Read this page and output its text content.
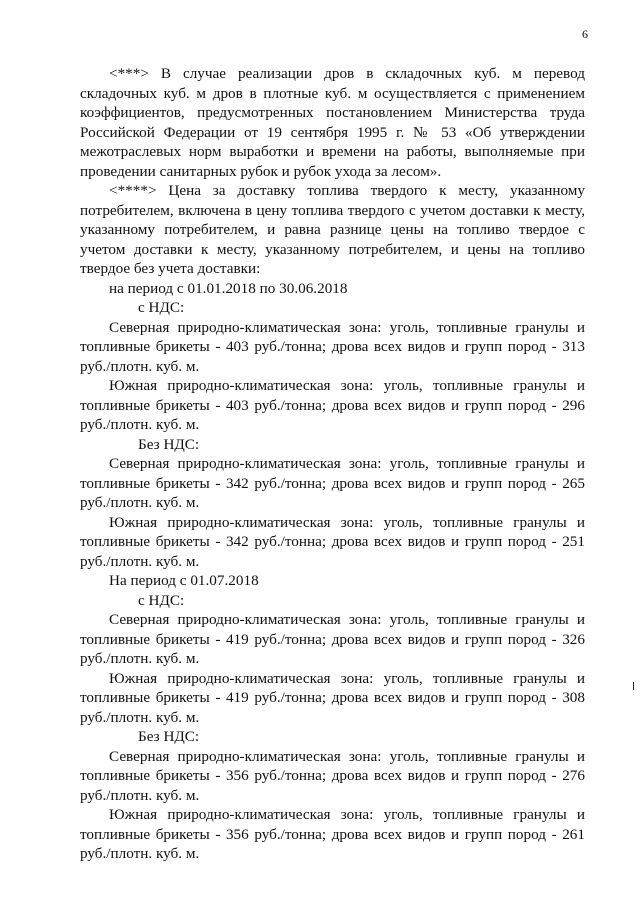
6

<***> В случае реализации дров в складочных куб. м перевод складочных куб. м дров в плотные куб. м осуществляется с применением коэффициентов, предусмотренных постановлением Министерства труда Российской Федерации от 19 сентября 1995 г. № 53 «Об утверждении межотраслевых норм выработки и времени на работы, выполняемые при проведении санитарных рубок и рубок ухода за лесом».

<****> Цена за доставку топлива твердого к месту, указанному потребителем, включена в цену топлива твердого с учетом доставки к месту, указанному потребителем, и равна разнице цены на топливо твердое с учетом доставки к месту, указанному потребителем, и цены на топливо твердое без учета доставки:

на период с 01.01.2018 по 30.06.2018

с НДС:

Северная природно-климатическая зона: уголь, топливные гранулы и топливные брикеты - 403 руб./тонна; дрова всех видов и групп пород - 313 руб./плотн. куб. м.

Южная природно-климатическая зона: уголь, топливные гранулы и топливные брикеты - 403 руб./тонна; дрова всех видов и групп пород - 296 руб./плотн. куб. м.

Без НДС:

Северная природно-климатическая зона: уголь, топливные гранулы и топливные брикеты - 342 руб./тонна; дрова всех видов и групп пород - 265 руб./плотн. куб. м.

Южная природно-климатическая зона: уголь, топливные гранулы и топливные брикеты - 342 руб./тонна; дрова всех видов и групп пород - 251 руб./плотн. куб. м.

На период с 01.07.2018

с НДС:

Северная природно-климатическая зона: уголь, топливные гранулы и топливные брикеты - 419 руб./тонна; дрова всех видов и групп пород - 326 руб./плотн. куб. м.

Южная природно-климатическая зона: уголь, топливные гранулы и топливные брикеты - 419 руб./тонна; дрова всех видов и групп пород - 308 руб./плотн. куб. м.

Без НДС:

Северная природно-климатическая зона: уголь, топливные гранулы и топливные брикеты - 356 руб./тонна; дрова всех видов и групп пород - 276 руб./плотн. куб. м.

Южная природно-климатическая зона: уголь, топливные гранулы и топливные брикеты - 356 руб./тонна; дрова всех видов и групп пород - 261 руб./плотн. куб. м.
